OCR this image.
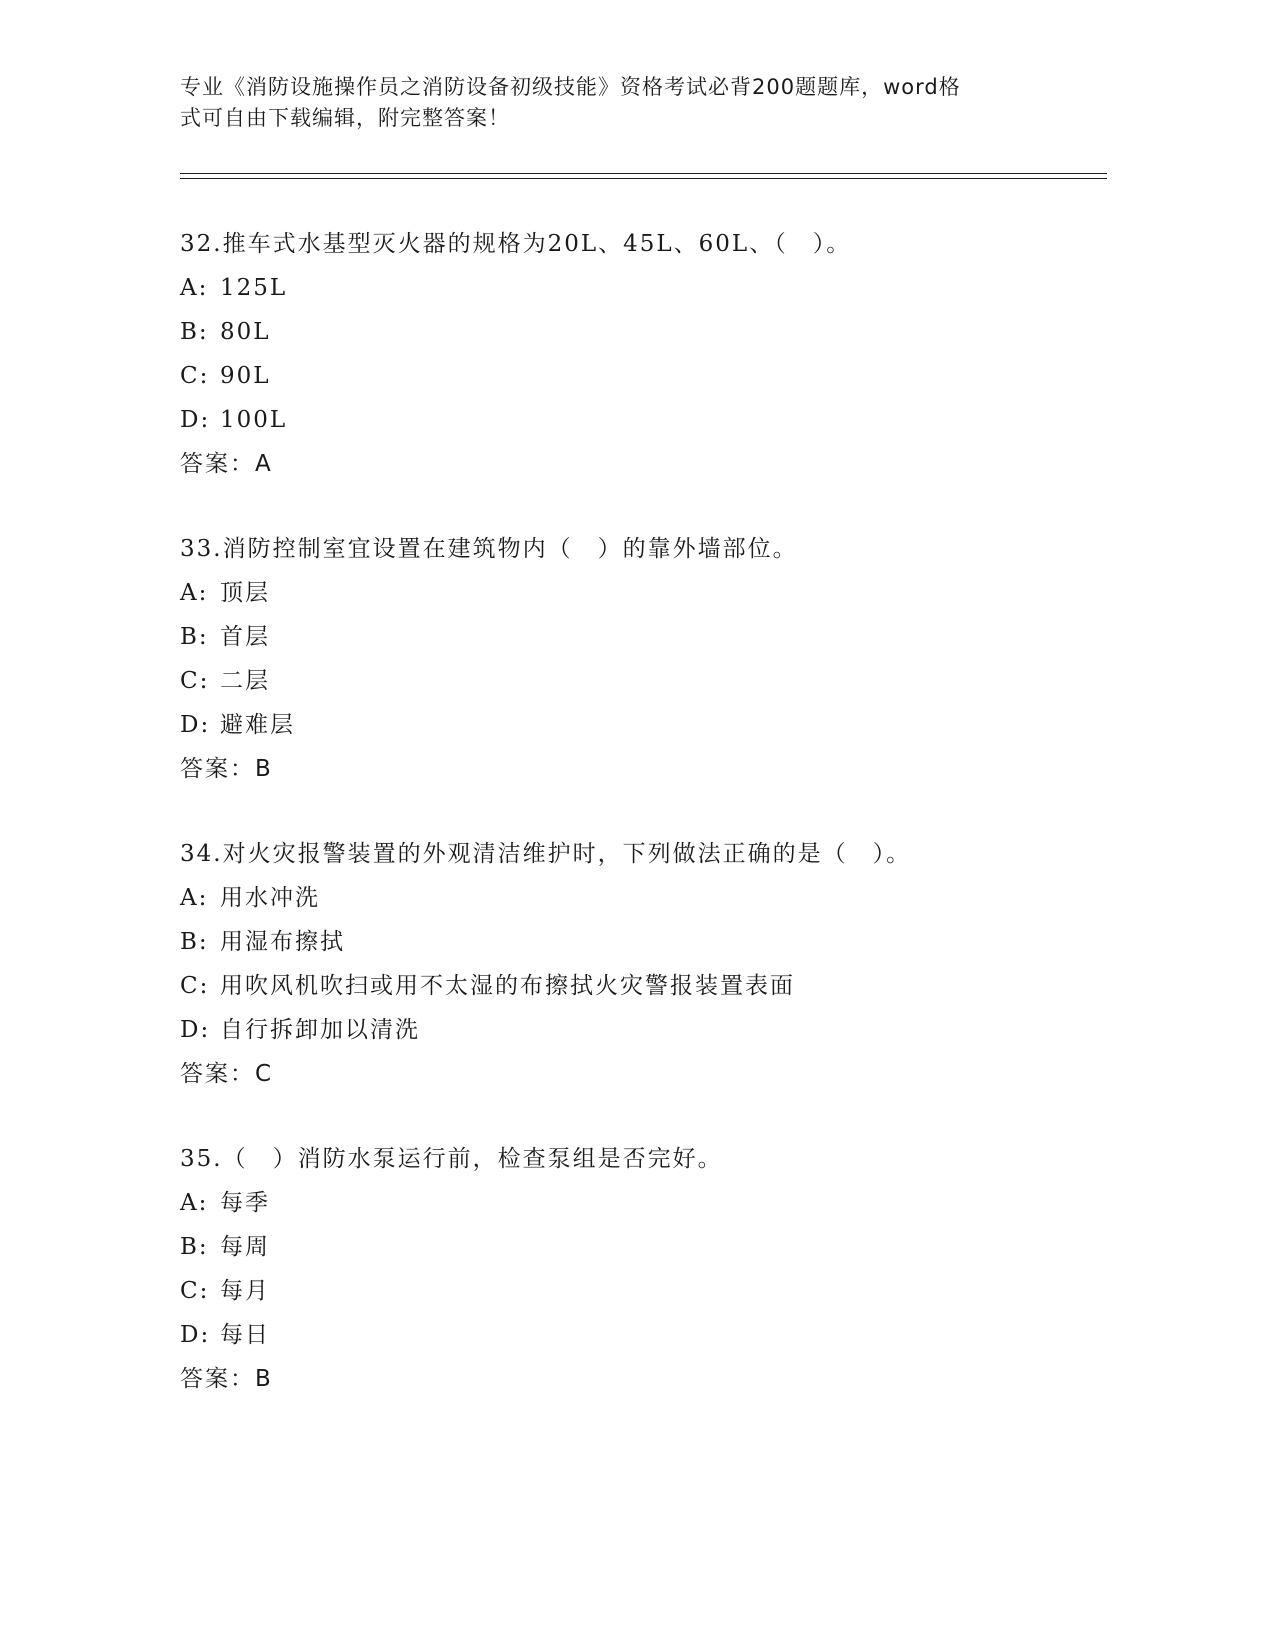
专业《消防设施操作员之消防设备初级技能》资格考试必背200题题库，word格
式可自由下载编辑，附完整答案！
32.推车式水基型灭火器的规格为20L、45L、60L、（　）。
A: 125L
B: 80L
C: 90L
D: 100L
答案：A
33.消防控制室宜设置在建筑物内（　）的靠外墙部位。
A: 顶层
B: 首层
C: 二层
D: 避难层
答案：B
34.对火灾报警装置的外观清洁维护时，下列做法正确的是（　）。
A: 用水冲洗
B: 用湿布擦拭
C: 用吹风机吹扫或用不太湿的布擦拭火灾警报装置表面
D: 自行拆卸加以清洗
答案：C
35.（　）消防水泵运行前，检查泵组是否完好。
A: 每季
B: 每周
C: 每月
D: 每日
答案：B
